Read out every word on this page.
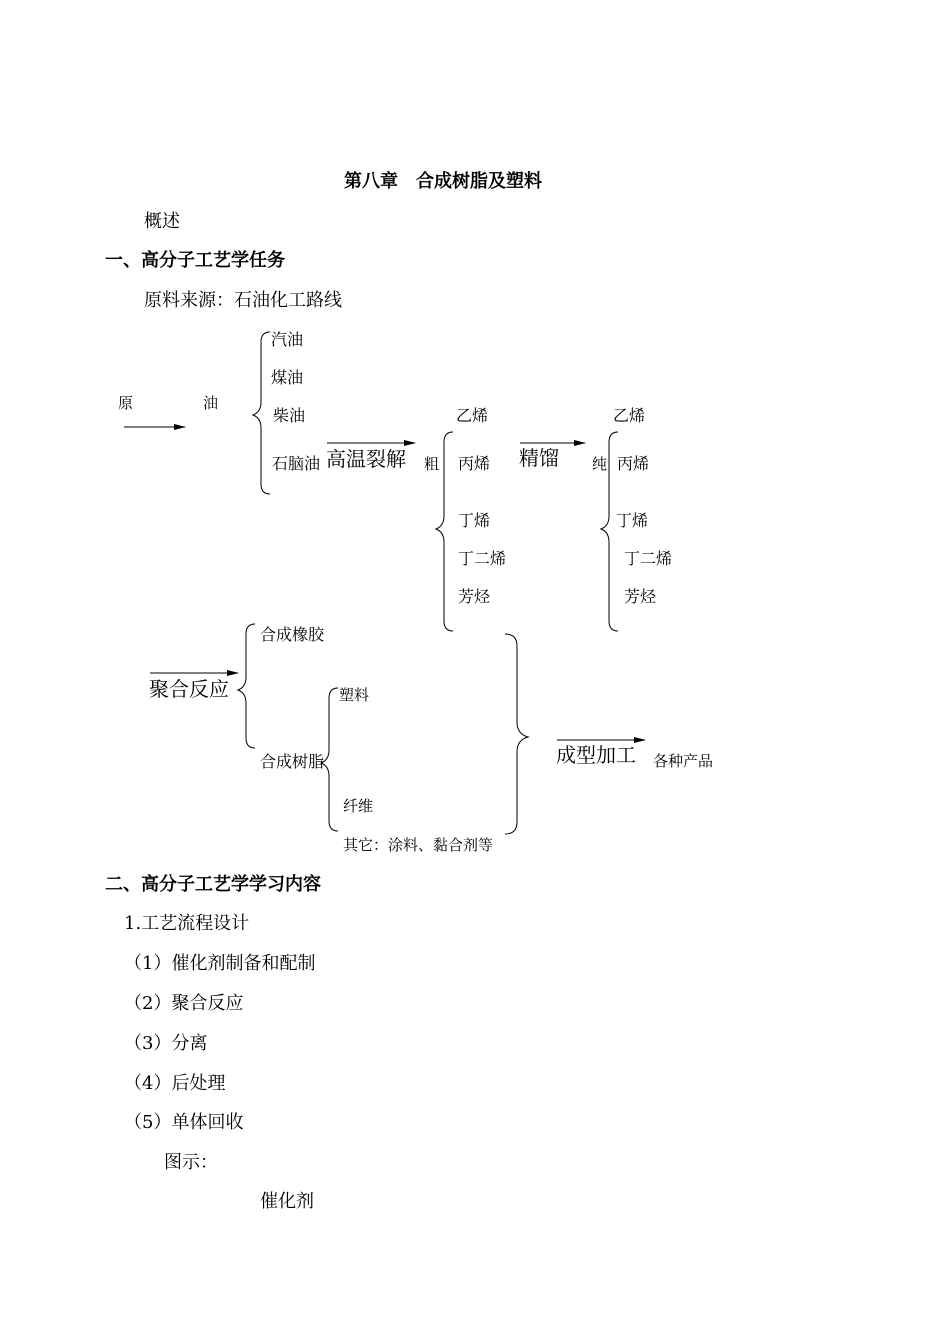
第八章　合成树脂及塑料
概述
一、高分子工艺学任务
原料来源：石油化工路线
原	油
汽油
煤油
柴油
石脑油 高温裂解 粗
乙烯
丙烯
丁烯
丁二烯
芳烃
精馏 纯
乙烯
丙烯
丁烯
丁二烯
芳烃
聚合反应
合成橡胶
合成树脂
塑料
纤维
其它：涂料、黏合剂等
成型加工 各种产品
二、高分子工艺学学习内容
1.工艺流程设计
（1）催化剂制备和配制
（2）聚合反应
（3）分离
（4）后处理
（5）单体回收
图示：
催化剂
